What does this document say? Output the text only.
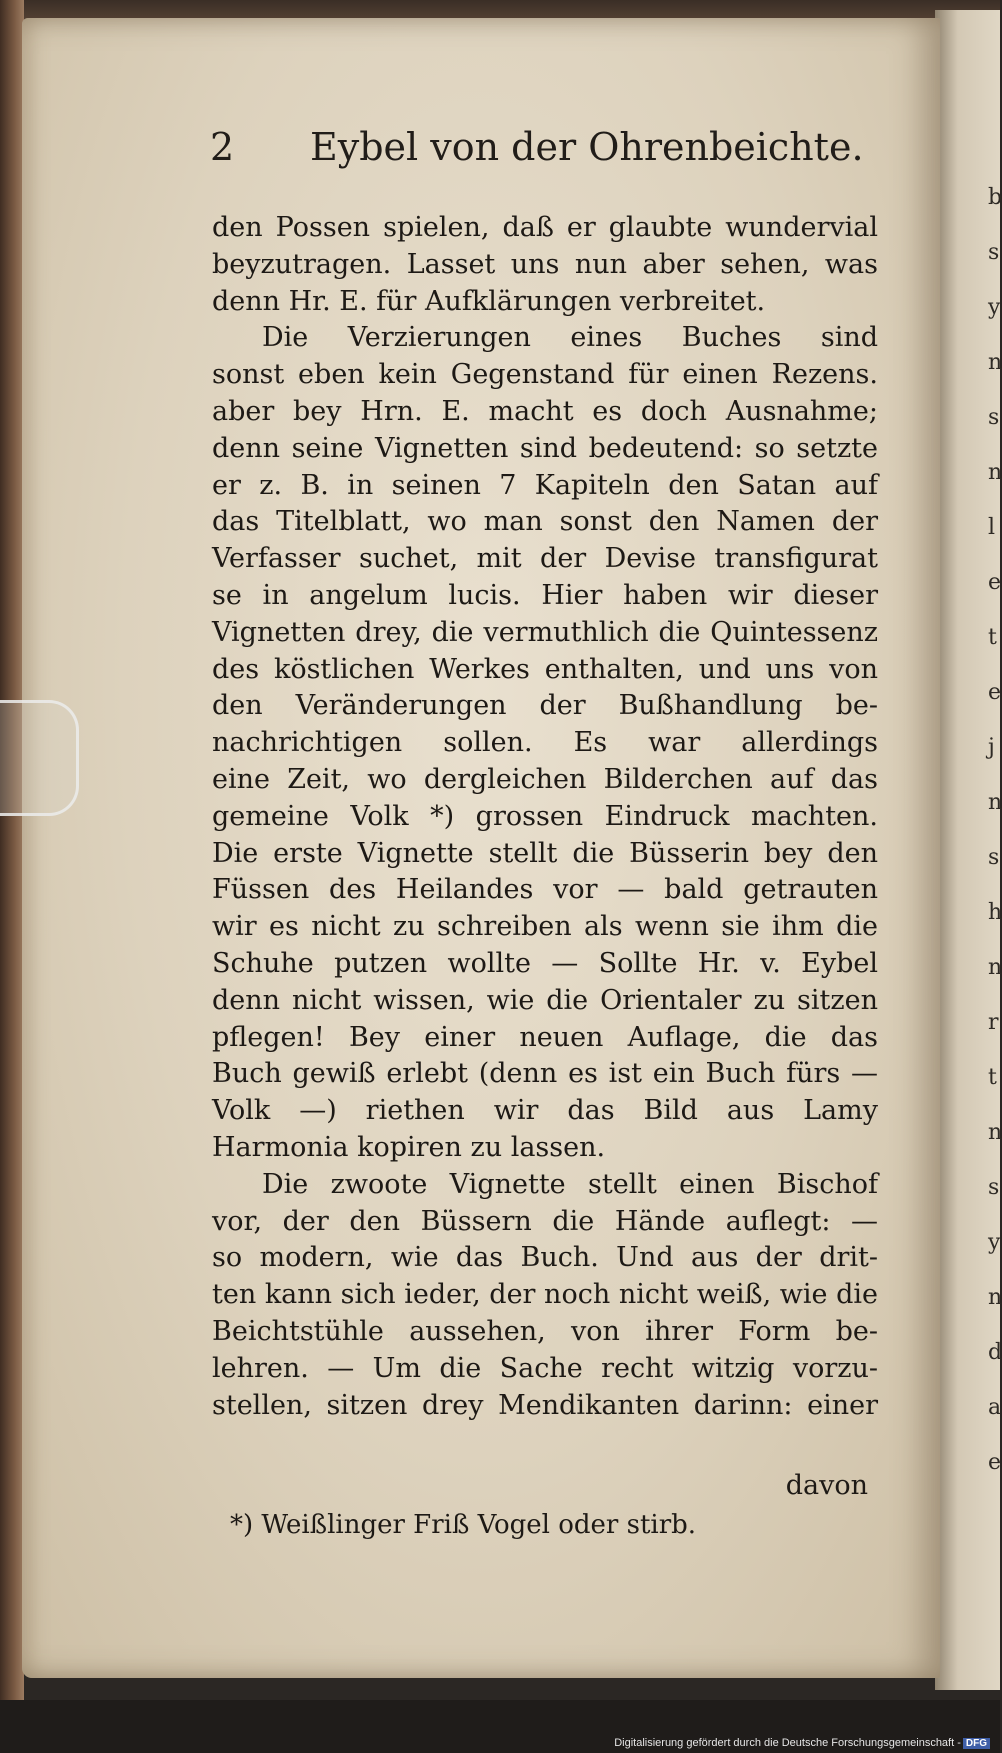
b
s
y
n
s
n
l
e
t
e
j
n
s
h
n
r
t
n
s
y
n
d
a
e
2 Eybel von der Ohrenbeichte.
den Possen spielen, daß er glaubte wundervial
beyzutragen. Lasset uns nun aber sehen, was
denn Hr. E. für Aufklärungen verbreitet.
Die Verzierungen eines Buches sind
sonst eben kein Gegenstand für einen Rezens.
aber bey Hrn. E. macht es doch Ausnahme;
denn seine Vignetten sind bedeutend: so setzte
er z. B. in seinen 7 Kapiteln den Satan auf
das Titelblatt, wo man sonst den Namen der
Verfasser suchet, mit der Devise transfigurat
se in angelum lucis. Hier haben wir dieser
Vignetten drey, die vermuthlich die Quintessenz
des köstlichen Werkes enthalten, und uns von
den Veränderungen der Bußhandlung be-
nachrichtigen sollen. Es war allerdings
eine Zeit, wo dergleichen Bilderchen auf das
gemeine Volk *) grossen Eindruck machten.
Die erste Vignette stellt die Büsserin bey den
Füssen des Heilandes vor — bald getrauten
wir es nicht zu schreiben als wenn sie ihm die
Schuhe putzen wollte — Sollte Hr. v. Eybel
denn nicht wissen, wie die Orientaler zu sitzen
pflegen! Bey einer neuen Auflage, die das
Buch gewiß erlebt (denn es ist ein Buch fürs —
Volk —) riethen wir das Bild aus Lamy
Harmonia kopiren zu lassen.
Die zwoote Vignette stellt einen Bischof
vor, der den Büssern die Hände auflegt: —
so modern, wie das Buch. Und aus der drit-
ten kann sich ieder, der noch nicht weiß, wie die
Beichtstühle aussehen, von ihrer Form be-
lehren. — Um die Sache recht witzig vorzu-
stellen, sitzen drey Mendikanten darinn: einer
davon
*) Weißlinger Friß Vogel oder stirb.
Digitalisierung gefördert durch die Deutsche Forschungsgemeinschaft - DFG
